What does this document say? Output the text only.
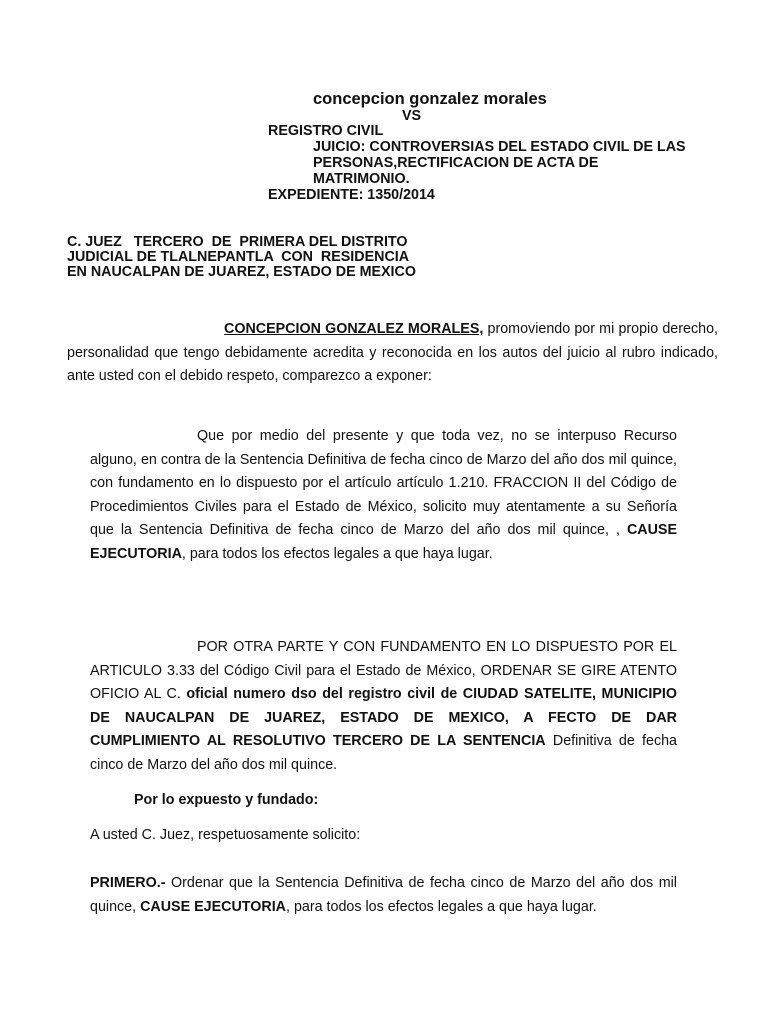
concepcion gonzalez morales
VS
REGISTRO CIVIL
JUICIO: CONTROVERSIAS DEL ESTADO CIVIL DE LAS
PERSONAS,RECTIFICACION DE ACTA DE
MATRIMONIO.
EXPEDIENTE: 1350/2014
C. JUEZ   TERCERO  DE  PRIMERA DEL DISTRITO
JUDICIAL DE TLALNEPANTLA  CON  RESIDENCIA
EN NAUCALPAN DE JUAREZ, ESTADO DE MEXICO
CONCEPCION GONZALEZ MORALES, promoviendo por mi propio derecho, personalidad que tengo debidamente acredita y reconocida en los autos del juicio al rubro indicado, ante usted con el debido respeto, comparezco a exponer:
Que por medio del presente y que toda vez, no se interpuso Recurso alguno, en contra de la Sentencia Definitiva de fecha cinco de Marzo del año dos mil quince, con fundamento en lo dispuesto por el artículo artículo 1.210. FRACCION II del Código de Procedimientos Civiles para el Estado de México, solicito muy atentamente a su Señoría que la Sentencia Definitiva de fecha cinco de Marzo del año dos mil quince, , CAUSE EJECUTORIA, para todos los efectos legales a que haya lugar.
POR OTRA PARTE Y CON FUNDAMENTO EN LO DISPUESTO POR EL ARTICULO 3.33 del Código Civil para el Estado de México, ORDENAR SE GIRE ATENTO OFICIO AL C. oficial numero dso del registro civil de CIUDAD SATELITE, MUNICIPIO DE NAUCALPAN DE JUAREZ, ESTADO DE MEXICO, A FECTO DE DAR CUMPLIMIENTO AL RESOLUTIVO TERCERO DE LA SENTENCIA Definitiva de fecha cinco de Marzo del año dos mil quince.
Por lo expuesto y fundado:
A usted C. Juez, respetuosamente solicito:
PRIMERO.- Ordenar que la Sentencia Definitiva de fecha cinco de Marzo del año dos mil quince, CAUSE EJECUTORIA, para todos los efectos legales a que haya lugar.
